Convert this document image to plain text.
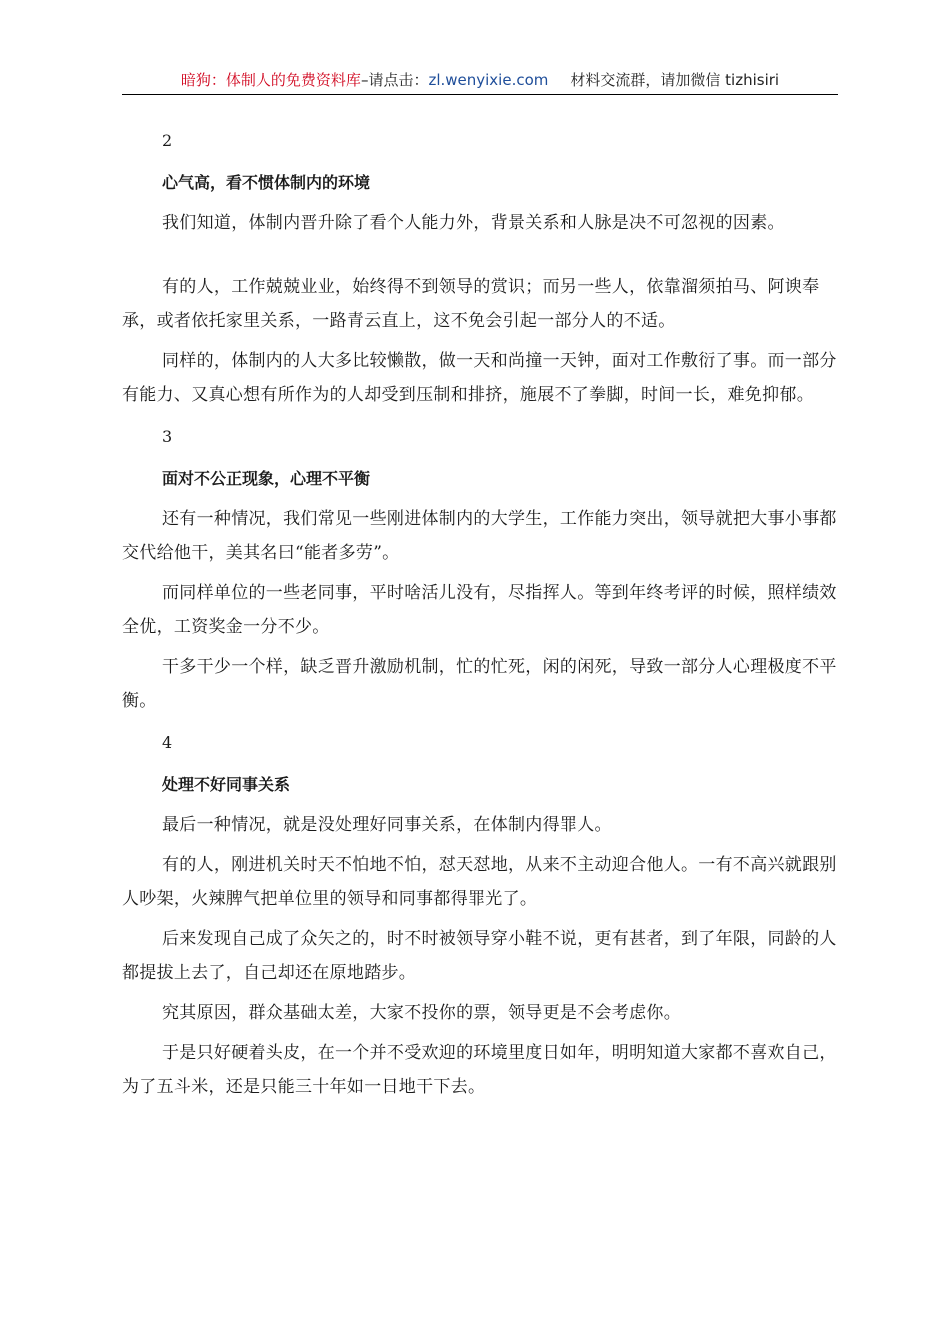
暗狗：体制人的免费资料库–请点击：zl.wenyixie.com 材料交流群，请加微信 tizhisiri
2
心气高，看不惯体制内的环境

我们知道，体制内晋升除了看个人能力外，背景关系和人脉是决不可忽视的因素。

有的人，工作兢兢业业，始终得不到领导的赏识；而另一些人，依靠溜须拍马、阿谀奉承，或者依托家里关系，一路青云直上，这不免会引起一部分人的不适。

同样的，体制内的人大多比较懒散，做一天和尚撞一天钟，面对工作敷衍了事。而一部分有能力、又真心想有所作为的人却受到压制和排挤，施展不了拳脚，时间一长，难免抑郁。

3
面对不公正现象，心理不平衡

还有一种情况，我们常见一些刚进体制内的大学生，工作能力突出，领导就把大事小事都交代给他干，美其名曰“能者多劳”。

而同样单位的一些老同事，平时啥活儿没有，尽指挥人。等到年终考评的时候，照样绩效全优，工资奖金一分不少。

干多干少一个样，缺乏晋升激励机制，忙的忙死，闲的闲死，导致一部分人心理极度不平衡。

4
处理不好同事关系

最后一种情况，就是没处理好同事关系，在体制内得罪人。

有的人，刚进机关时天不怕地不怕，怼天怼地，从来不主动迎合他人。一有不高兴就跟别人吵架，火辣脾气把单位里的领导和同事都得罪光了。

后来发现自己成了众矢之的，时不时被领导穿小鞋不说，更有甚者，到了年限，同龄的人都提拔上去了，自己却还在原地踏步。

究其原因，群众基础太差，大家不投你的票，领导更是不会考虑你。

于是只好硬着头皮，在一个并不受欢迎的环境里度日如年，明明知道大家都不喜欢自己，为了五斗米，还是只能三十年如一日地干下去。
